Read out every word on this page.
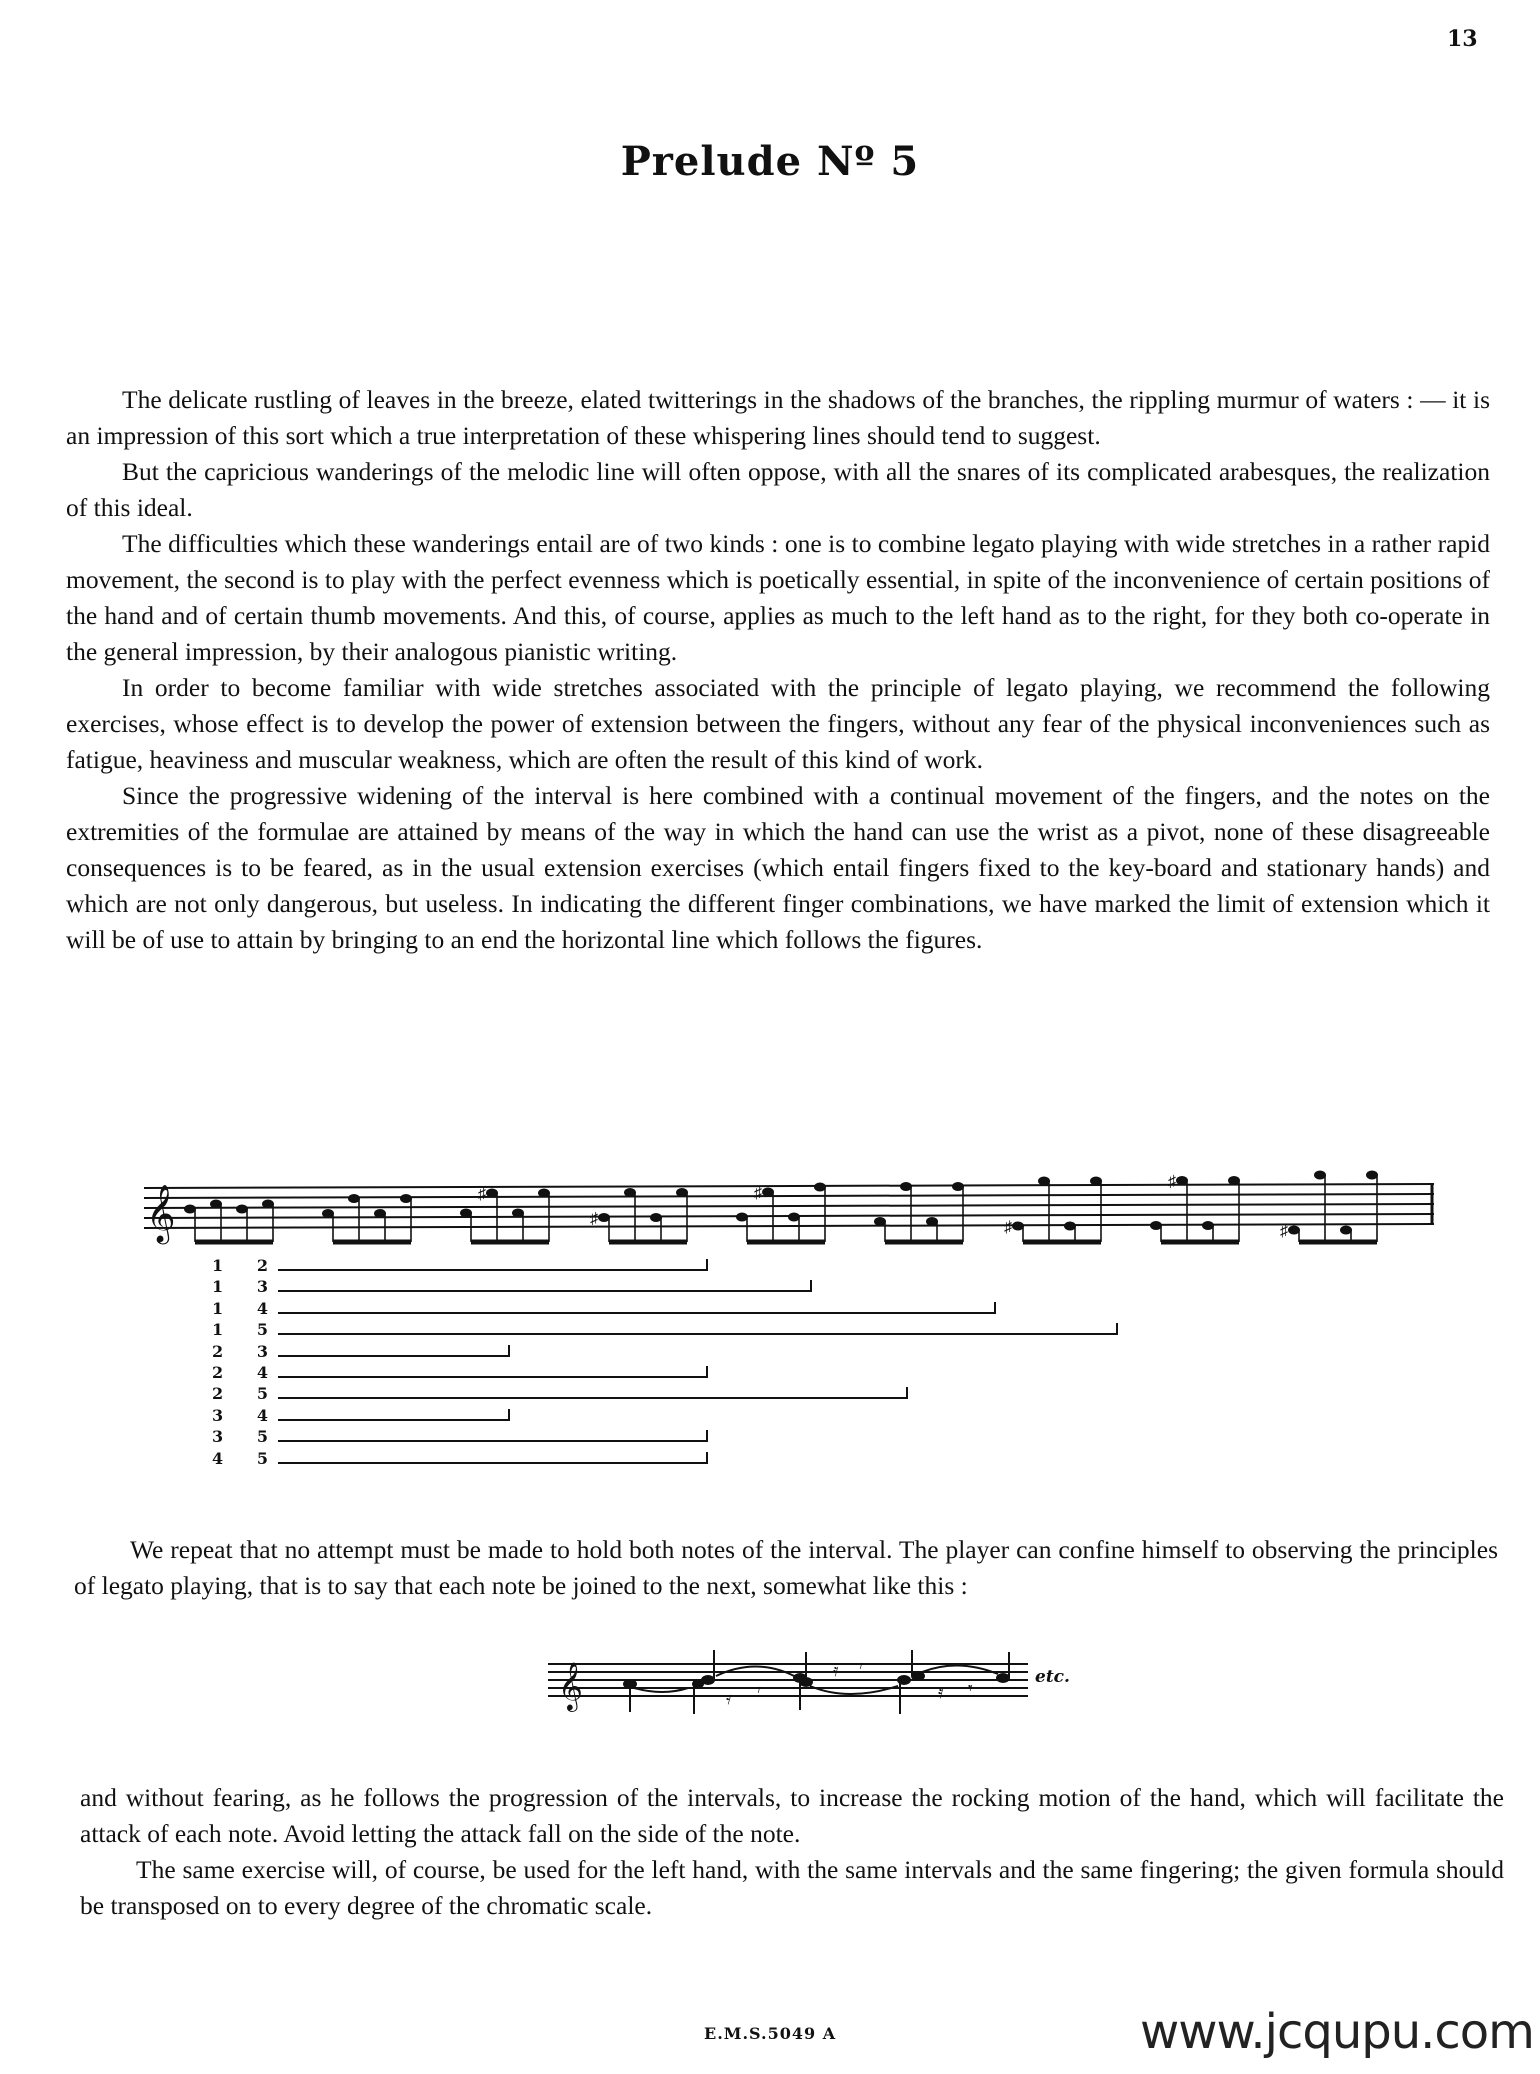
13
Prelude Nº 5

The delicate rustling of leaves in the breeze, elated twitterings in the shadows of the branches, the rippling murmur of waters : — it is an impression of this sort which a true interpretation of these whispering lines should tend to suggest.

But the capricious wanderings of the melodic line will often oppose, with all the snares of its complicated arabesques, the realization of this ideal.

The difficulties which these wanderings entail are of two kinds : one is to combine legato playing with wide stretches in a rather rapid movement, the second is to play with the perfect evenness which is poetically essential, in spite of the inconvenience of certain positions of the hand and of certain thumb movements. And this, of course, applies as much to the left hand as to the right, for they both co-operate in the general impression, by their analogous pianistic writing.

In order to become familiar with wide stretches associated with the principle of legato playing, we recommend the following exercises, whose effect is to develop the power of extension between the fingers, without any fear of the physical inconveniences such as fatigue, heaviness and muscular weakness, which are often the result of this kind of work.

Since the progressive widening of the interval is here combined with a continual movement of the fingers, and the notes on the extremities of the formulae are attained by means of the way in which the hand can use the wrist as a pivot, none of these disagreeable consequences is to be feared, as in the usual extension exercises (which entail fingers fixed to the key-board and stationary hands) and which are not only dangerous, but useless. In indicating the different finger combinations, we have marked the limit of extension which it will be of use to attain by bringing to an end the horizontal line which follows the figures.

𝄞	♯
♯
♯
♯
♯
♯
1 2
1 3
1 4
1 5
2 3
2 4
2 5
3 4
3 5
4 5

We repeat that no attempt must be made to hold both notes of the interval. The player can confine himself to observing the principles of legato playing, that is to say that each note be joined to the next, somewhat like this :

𝄞	𝄿 𝄾
𝄿 𝄾
𝄿 𝄾
etc.

and without fearing, as he follows the progression of the intervals, to increase the rocking motion of the hand, which will facilitate the attack of each note. Avoid letting the attack fall on the side of the note.

The same exercise will, of course, be used for the left hand, with the same intervals and the same fingering; the given formula should be transposed on to every degree of the chromatic scale.

E.M.S.5049 A	www.jcqupu.com
